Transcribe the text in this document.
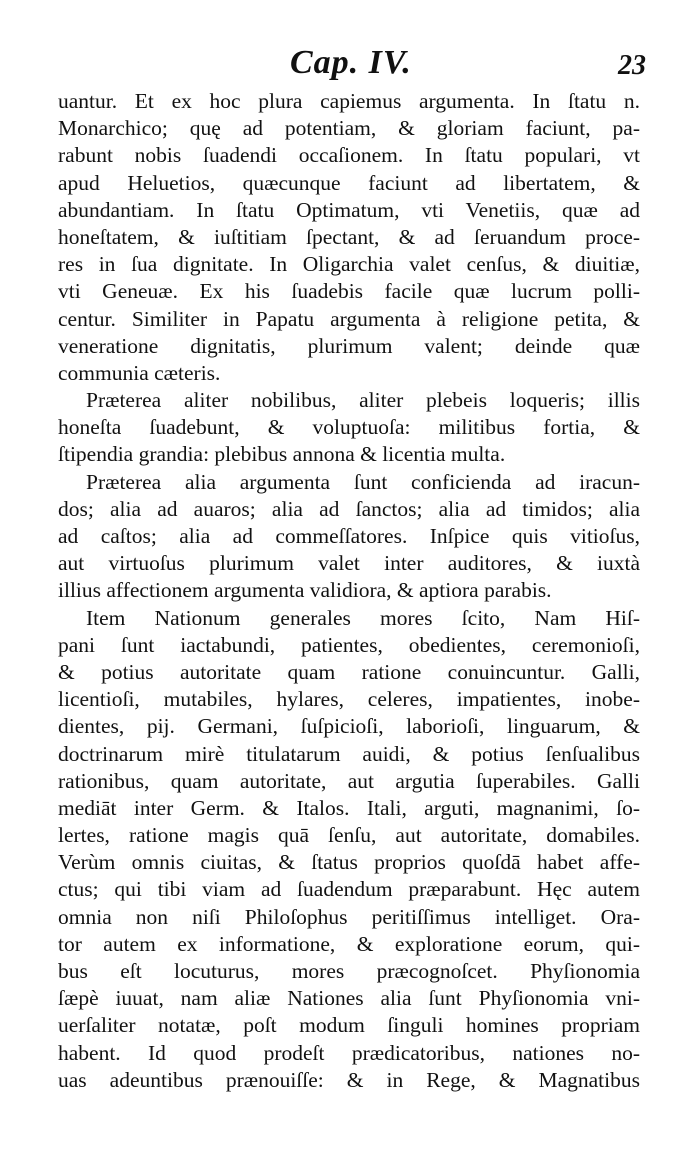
Cap. IV.	23
uantur. Et ex hoc plura capiemus argumenta. In ſtatu n.
Monarchico; quę ad potentiam, & gloriam faciunt, pa-
rabunt nobis ſuadendi occaſionem. In ſtatu populari, vt
apud Heluetios, quæcunque faciunt ad libertatem, &
abundantiam. In ſtatu Optimatum, vti Venetiis, quæ ad
honeſtatem, & iuſtitiam ſpectant, & ad ſeruandum proce-
res in ſua dignitate. In Oligarchia valet cenſus, & diuitiæ,
vti Geneuæ. Ex his ſuadebis facile quæ lucrum polli-
centur. Similiter in Papatu argumenta à religione petita, &
veneratione dignitatis, plurimum valent; deinde quæ
communia cæteris.
Præterea aliter nobilibus, aliter plebeis loqueris; illis
honeſta ſuadebunt, & voluptuoſa: militibus fortia, &
ſtipendia grandia: plebibus annona & licentia multa.
Præterea alia argumenta ſunt conficienda ad iracun-
dos; alia ad auaros; alia ad ſanctos; alia ad timidos; alia
ad caſtos; alia ad commeſſatores. Inſpice quis vitioſus,
aut virtuoſus plurimum valet inter auditores, & iuxtà
illius affectionem argumenta validiora, & aptiora parabis.
Item Nationum generales mores ſcito, Nam Hiſ-
pani ſunt iactabundi, patientes, obedientes, ceremonioſi,
& potius autoritate quam ratione conuincuntur. Galli,
licentioſi, mutabiles, hylares, celeres, impatientes, inobe-
dientes, pij. Germani, ſuſpicioſi, laborioſi, linguarum, &
doctrinarum mirè titulatarum auidi, & potius ſenſualibus
rationibus, quam autoritate, aut argutia ſuperabiles. Galli
mediāt inter Germ. & Italos. Itali, arguti, magnanimi, ſo-
lertes, ratione magis quā ſenſu, aut autoritate, domabiles.
Verùm omnis ciuitas, & ſtatus proprios quoſdā habet affe-
ctus; qui tibi viam ad ſuadendum præparabunt. Hęc autem
omnia non niſi Philoſophus peritiſſimus intelliget. Ora-
tor autem ex informatione, & exploratione eorum, qui-
bus eſt locuturus, mores præcognoſcet. Phyſionomia
ſæpè iuuat, nam aliæ Nationes alia ſunt Phyſionomia vni-
uerſaliter notatæ, poſt modum ſinguli homines propriam
habent. Id quod prodeſt prædicatoribus, nationes no-
uas adeuntibus prænouiſſe: & in Rege, & Magnatibus
